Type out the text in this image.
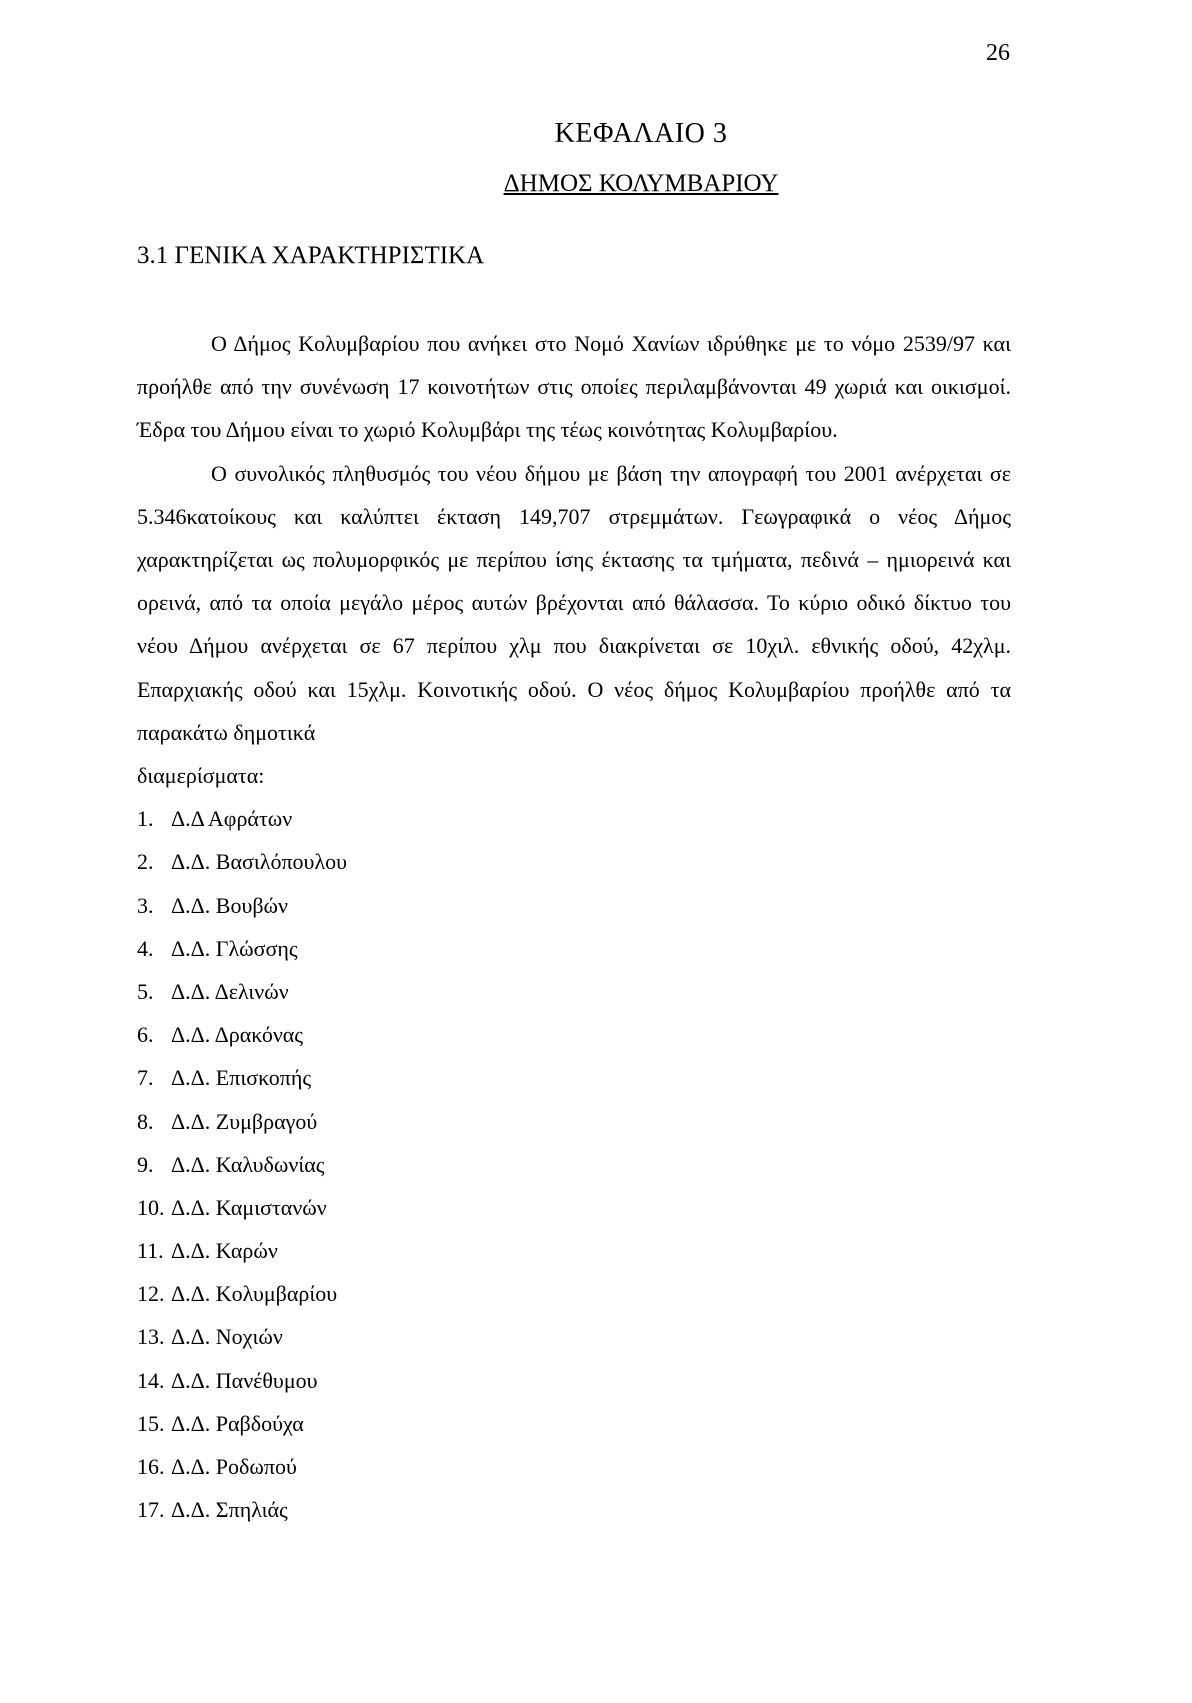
26
ΚΕΦΑΛΑΙΟ 3
ΔΗΜΟΣ ΚΟΛΥΜΒΑΡΙΟΥ
3.1 ΓΕΝΙΚΑ ΧΑΡΑΚΤΗΡΙΣΤΙΚΑ

Ο Δήμος Κολυμβαρίου που ανήκει στο Νομό Χανίων ιδρύθηκε με το νόμο 2539/97 και προήλθε από την συνένωση 17 κοινοτήτων στις οποίες περιλαμβάνονται 49 χωριά και οικισμοί. Έδρα του Δήμου είναι το χωριό Κολυμβάρι της τέως κοινότητας Κολυμβαρίου.

Ο συνολικός πληθυσμός του νέου δήμου με βάση την απογραφή του 2001 ανέρχεται σε 5.346κατοίκους και καλύπτει έκταση 149,707 στρεμμάτων. Γεωγραφικά ο νέος Δήμος χαρακτηρίζεται ως πολυμορφικός με περίπου ίσης έκτασης τα τμήματα, πεδινά – ημιορεινά και ορεινά, από τα οποία μεγάλο μέρος αυτών βρέχονται από θάλασσα. Το κύριο οδικό δίκτυο του νέου Δήμου ανέρχεται σε 67 περίπου χλμ που διακρίνεται σε 10χιλ. εθνικής οδού, 42χλμ. Επαρχιακής οδού και 15χλμ. Κοινοτικής οδού. Ο νέος δήμος Κολυμβαρίου προήλθε από τα παρακάτω δημοτικά

διαμερίσματα:
1. Δ.Δ Αφράτων
2. Δ.Δ. Βασιλόπουλου
3. Δ.Δ. Βουβών
4. Δ.Δ. Γλώσσης
5. Δ.Δ. Δελινών
6. Δ.Δ. Δρακόνας
7. Δ.Δ. Επισκοπής
8. Δ.Δ. Ζυμβραγού
9. Δ.Δ. Καλυδωνίας
10. Δ.Δ. Καμιστανών
11. Δ.Δ. Καρών
12. Δ.Δ. Κολυμβαρίου
13. Δ.Δ. Νοχιών
14. Δ.Δ. Πανέθυμου
15. Δ.Δ. Ραβδούχα
16. Δ.Δ. Ροδωπού
17. Δ.Δ. Σπηλιάς
